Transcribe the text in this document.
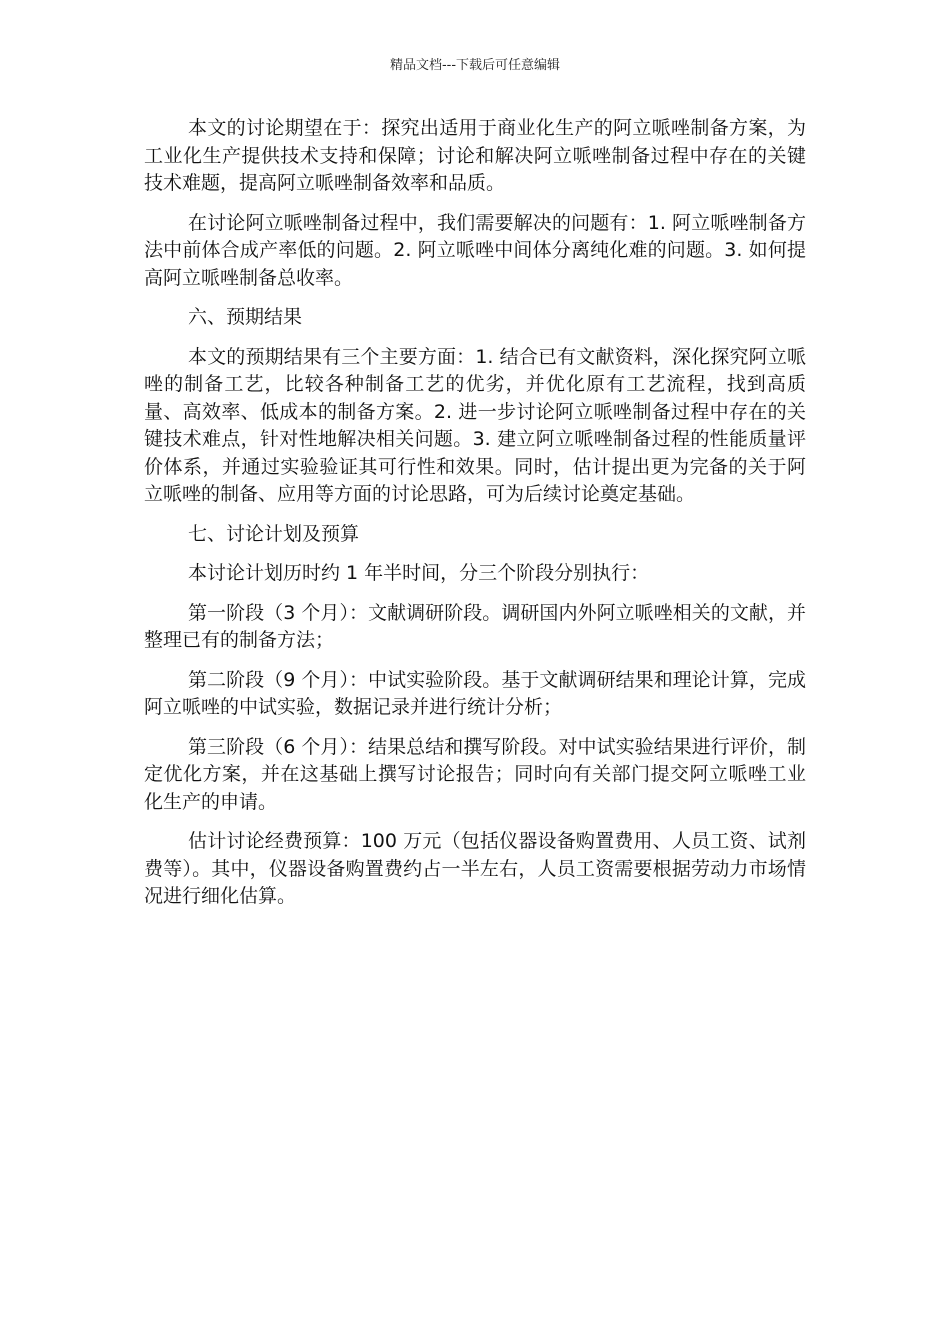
精品文档---下载后可任意编辑

本文的讨论期望在于：探究出适用于商业化生产的阿立哌唑制备方案，为工业化生产提供技术支持和保障；讨论和解决阿立哌唑制备过程中存在的关键技术难题，提高阿立哌唑制备效率和品质。

在讨论阿立哌唑制备过程中，我们需要解决的问题有：1. 阿立哌唑制备方法中前体合成产率低的问题。2. 阿立哌唑中间体分离纯化难的问题。3. 如何提高阿立哌唑制备总收率。

六、预期结果

本文的预期结果有三个主要方面：1. 结合已有文献资料，深化探究阿立哌唑的制备工艺，比较各种制备工艺的优劣，并优化原有工艺流程，找到高质量、高效率、低成本的制备方案。2. 进一步讨论阿立哌唑制备过程中存在的关键技术难点，针对性地解决相关问题。3. 建立阿立哌唑制备过程的性能质量评价体系，并通过实验验证其可行性和效果。同时，估计提出更为完备的关于阿立哌唑的制备、应用等方面的讨论思路，可为后续讨论奠定基础。

七、讨论计划及预算

本讨论计划历时约 1 年半时间，分三个阶段分别执行：

第一阶段（3 个月）：文献调研阶段。调研国内外阿立哌唑相关的文献，并整理已有的制备方法；

第二阶段（9 个月）：中试实验阶段。基于文献调研结果和理论计算，完成阿立哌唑的中试实验，数据记录并进行统计分析；

第三阶段（6 个月）：结果总结和撰写阶段。对中试实验结果进行评价，制定优化方案，并在这基础上撰写讨论报告；同时向有关部门提交阿立哌唑工业化生产的申请。

估计讨论经费预算：100 万元（包括仪器设备购置费用、人员工资、试剂费等）。其中，仪器设备购置费约占一半左右，人员工资需要根据劳动力市场情况进行细化估算。
